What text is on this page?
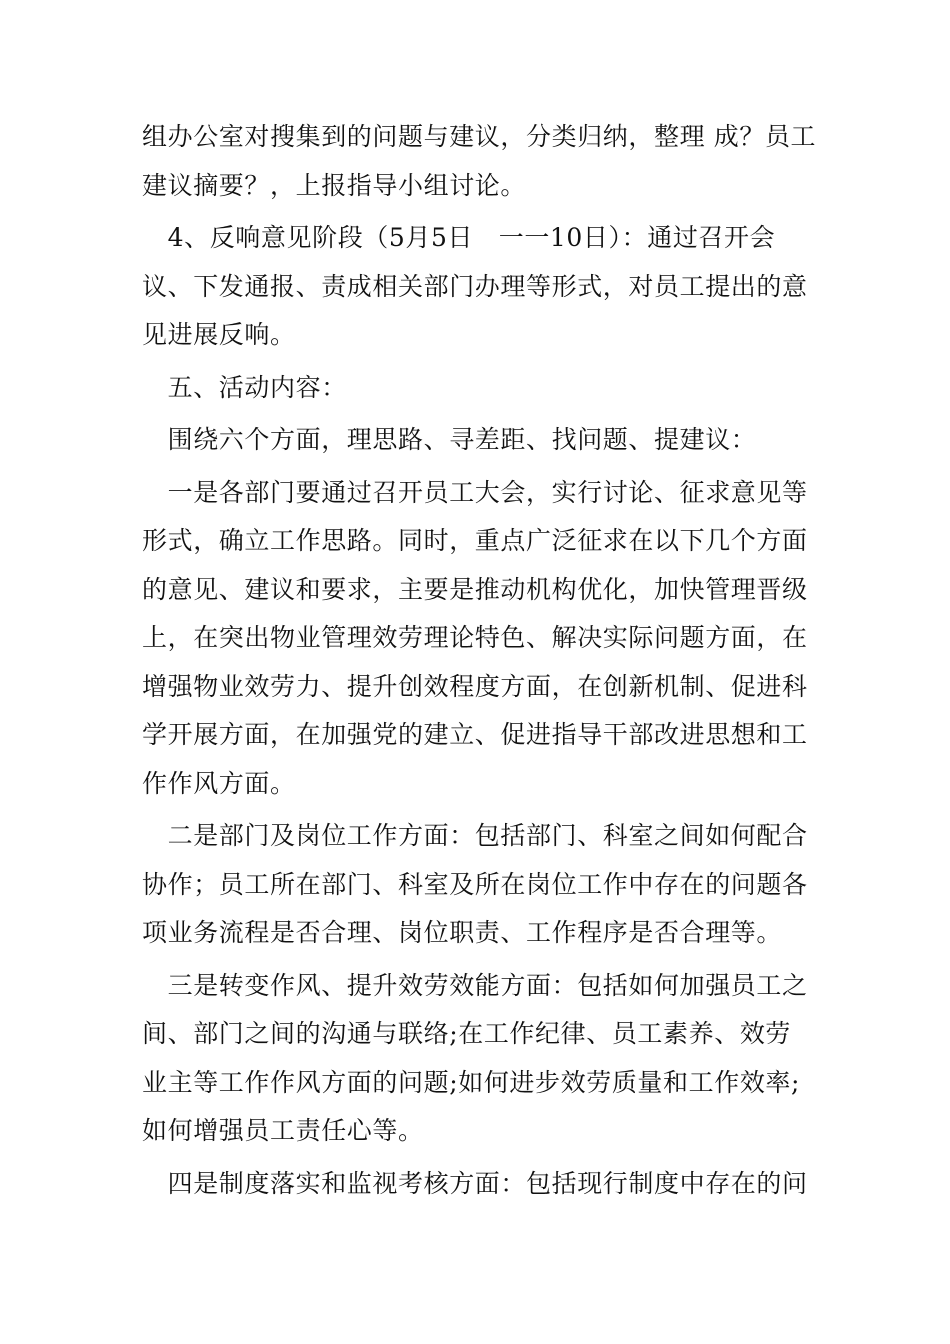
组办公室对搜集到的问题与建议，分类归纳，整理 成？员工建议摘要？，上报指导小组讨论。

　4、反响意见阶段（5月5日　一一10日）：通过召开会 议、下发通报、责成相关部门办理等形式，对员工提出的意 见进展反响。

　五、活动内容：

　围绕六个方面，理思路、寻差距、找问题、提建议：

　一是各部门要通过召开员工大会，实行讨论、征求意见等 形式，确立工作思路。同时，重点广泛征求在以下几个方面 的意见、建议和要求，主要是推动机构优化，加快管理晋级 上，在突出物业管理效劳理论特色、解决实际问题方面，在 增强物业效劳力、提升创效程度方面，在创新机制、促进科 学开展方面，在加强党的建立、促进指导干部改进思想和工 作作风方面。

　二是部门及岗位工作方面：包括部门、科室之间如何配合 协作；员工所在部门、科室及所在岗位工作中存在的问题各 项业务流程是否合理、岗位职责、工作程序是否合理等。

　三是转变作风、提升效劳效能方面：包括如何加强员工之间、部门之间的沟通与联络;在工作纪律、员工素养、效劳 业主等工作作风方面的问题;如何进步效劳质量和工作效率; 如何增强员工责任心等。

　四是制度落实和监视考核方面：包括现行制度中存在的问
